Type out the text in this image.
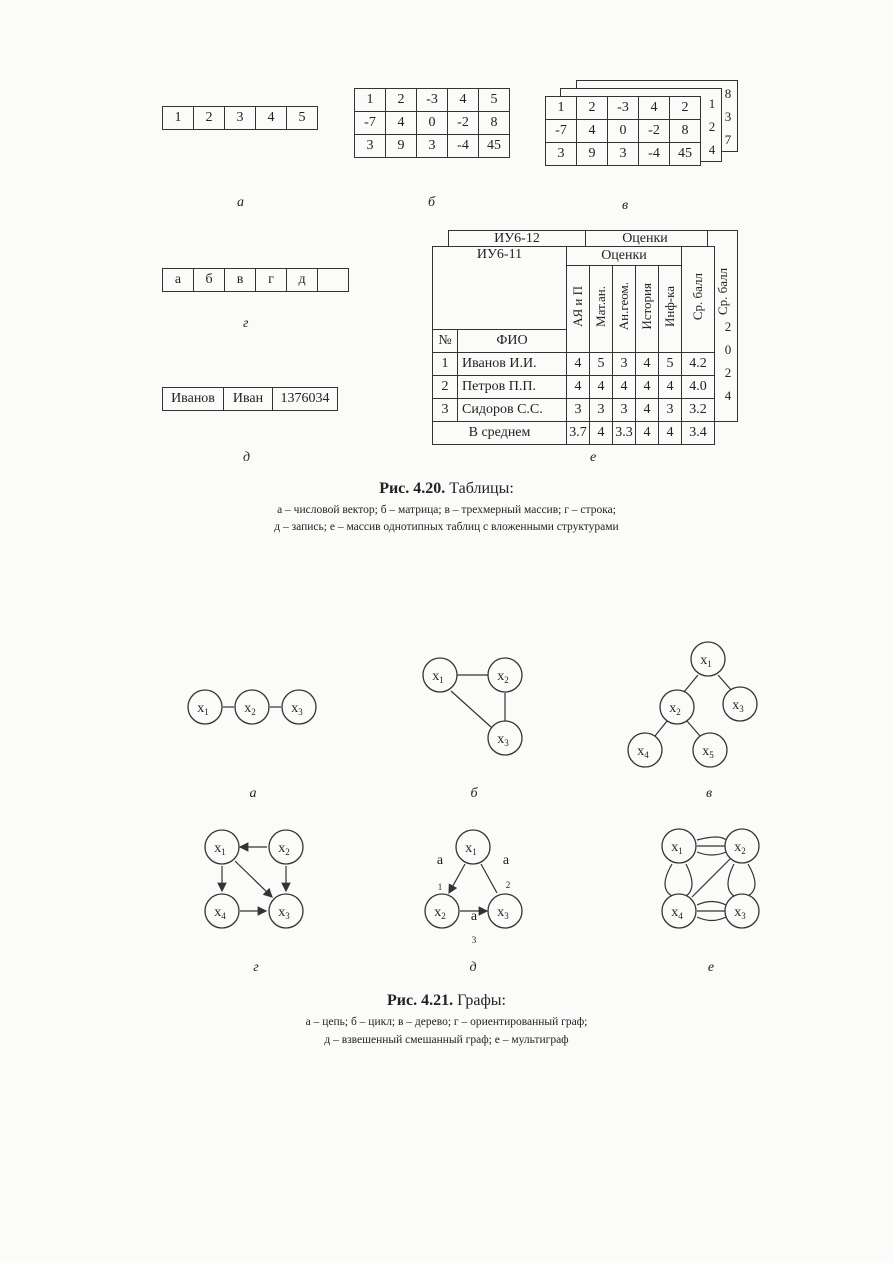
1	2	3	4	5
1	2	-3	4	5
-7	4	0	-2	8
3	9	3	-4	45
8
3
7
1
2
4
1	2	-3	4	2
-7	4	0	-2	8
3	9	3	-4	45
а	б	в
а	б	в	г	д	
г
Иванов	Иван	1376034
д
ИУ6-12	Оценки
Ср. балл
2
0
2
4
ИУ6-11		Оценки					Ср. балл
		АЯ и П	Мат.ан.	Ан.геом.	История	Инф-ка	
№	ФИО						
1	Иванов И.И.	4	5	3	4	5	4.2
2	Петров П.П.	4	4	4	4	4	4.0
3	Сидоров С.С.	3	3	3	4	3	3.2
В среднем		3.7	4	3.3	4	4	3.4
е
Рис. 4.20. Таблицы:
а – числовой вектор; б – матрица; в – трехмерный массив; г – строка;
д – запись; е – массив однотипных таблиц с вложенными структурами
$x_1$	$x_2$	$x_3$
$x_1$	$x_2$
$x_3$
$x_1$
$x_2$	$x_3$
$x_4$	$x_5$
$x_1$	$x_2$
$x_4$	$x_3$
$x_1$
$x_2$	$x_3$
a
1
a
2
a
3
$x_1$	$x_2$
$x_4$	$x_3$
а	б	в
г	д	е
Рис. 4.21. Графы:
а – цепь; б – цикл; в – дерево; г – ориентированный граф;
д – взвешенный смешанный граф; е – мультиграф
